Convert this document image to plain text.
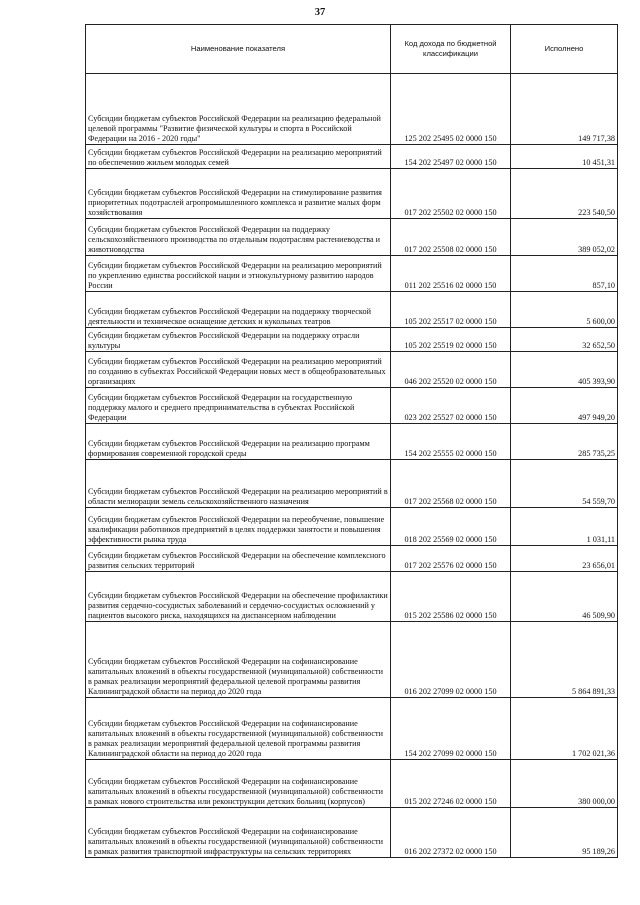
37
Наименование показателя	Код дохода по бюджетной классификации	Исполнено
Субсидии бюджетам субъектов Российской Федерации на реализацию федеральной целевой программы "Развитие физической культуры и спорта в Российской Федерации на 2016 - 2020 годы"	125 202 25495 02 0000 150	149 717,38
Субсидии бюджетам субъектов Российской Федерации на реализацию мероприятий по обеспечению жильем молодых семей	154 202 25497 02 0000 150	10 451,31
Субсидии бюджетам субъектов Российской Федерации на стимулирование развития приоритетных подотраслей агропромышленного комплекса и развитие малых форм хозяйствования	017 202 25502 02 0000 150	223 540,50
Субсидии бюджетам субъектов Российской Федерации на поддержку сельскохозяйственного производства по отдельным подотраслям растениеводства и животноводства	017 202 25508 02 0000 150	389 052,02
Субсидии бюджетам субъектов Российской Федерации на реализацию мероприятий по укреплению единства российской нации и этнокультурному развитию народов России	011 202 25516 02 0000 150	857,10
Субсидии бюджетам субъектов Российской Федерации на поддержку творческой деятельности и техническое оснащение детских и кукольных театров	105 202 25517 02 0000 150	5 600,00
Субсидии бюджетам субъектов Российской Федерации на поддержку отрасли культуры	105 202 25519 02 0000 150	32 652,50
Субсидии бюджетам субъектов Российской Федерации на реализацию мероприятий по созданию в субъектах Российской Федерации новых мест в общеобразовательных организациях	046 202 25520 02 0000 150	405 393,90
Субсидии бюджетам субъектов Российской Федерации на государственную поддержку малого и среднего предпринимательства в субъектах Российской Федерации	023 202 25527 02 0000 150	497 949,20
Субсидии бюджетам субъектов Российской Федерации на реализацию программ формирования современной городской среды	154 202 25555 02 0000 150	285 735,25
Субсидии бюджетам субъектов Российской Федерации на реализацию мероприятий в области мелиорации земель сельскохозяйственного назначения	017 202 25568 02 0000 150	54 559,70
Субсидии бюджетам субъектов Российской Федерации на переобучение, повышение квалификации работников предприятий в целях поддержки занятости и повышения эффективности рынка труда	018 202 25569 02 0000 150	1 031,11
Субсидии бюджетам субъектов Российской Федерации на обеспечение комплексного развития сельских территорий	017 202 25576 02 0000 150	23 656,01
Субсидии бюджетам субъектов Российской Федерации на обеспечение профилактики развития сердечно-сосудистых заболеваний и сердечно-сосудистых осложнений у пациентов высокого риска, находящихся на диспансерном наблюдении	015 202 25586 02 0000 150	46 509,90
Субсидии бюджетам субъектов Российской Федерации на софинансирование капитальных вложений в объекты государственной (муниципальной) собственности в рамках реализации мероприятий федеральной целевой программы развития Калининградской области на период до 2020 года	016 202 27099 02 0000 150	5 864 891,33
Субсидии бюджетам субъектов Российской Федерации на софинансирование капитальных вложений в объекты государственной (муниципальной) собственности в рамках реализации мероприятий федеральной целевой программы развития Калининградской области на период до 2020 года	154 202 27099 02 0000 150	1 702 021,36
Субсидии бюджетам субъектов Российской Федерации на софинансирование капитальных вложений в объекты государственной (муниципальной) собственности в рамках нового строительства или реконструкции детских больниц (корпусов)	015 202 27246 02 0000 150	380 000,00
Субсидии бюджетам субъектов Российской Федерации на софинансирование капитальных вложений в объекты государственной (муниципальной) собственности в рамках развития транспортной инфраструктуры на сельских территориях	016 202 27372 02 0000 150	95 189,26
